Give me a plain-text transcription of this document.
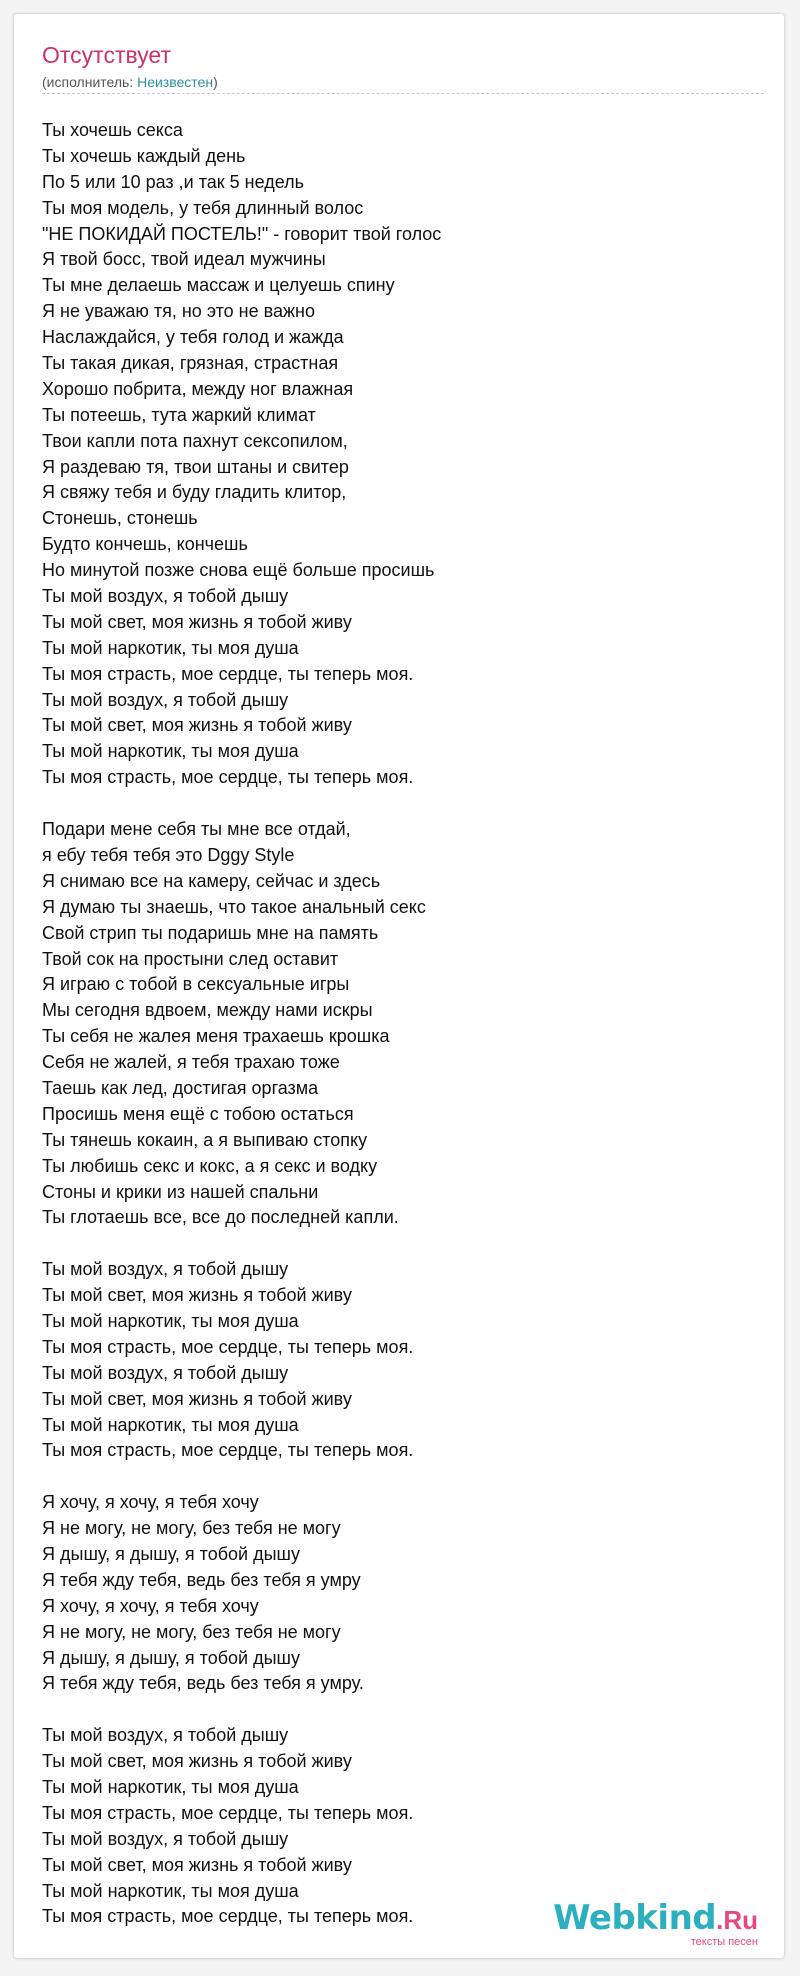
Отсутствует
(исполнитель: Неизвестен)
Ты хочешь секса
Ты хочешь каждый день
По 5 или 10 раз ,и так 5 недель
Ты моя модель, у тебя длинный волос
"НЕ ПОКИДАЙ ПОСТЕЛЬ!" - говорит твой голос
Я твой босс, твой идеал мужчины
Ты мне делаешь массаж и целуешь спину
Я не уважаю тя, но это не важно
Наслаждайся, у тебя голод и жажда
Ты такая дикая, грязная, страстная
Хорошо побрита, между ног влажная
Ты потеешь, тута жаркий климат
Твои капли пота пахнут сексопилом,
Я раздеваю тя, твои штаны и свитер
Я свяжу тебя и буду гладить клитор,
Стонешь, стонешь
Будто кончешь, кончешь
Но минутой позже снова ещё больше просишь
Ты мой воздух, я тобой дышу
Ты мой свет, моя жизнь я тобой живу
Ты мой наркотик, ты моя душа
Ты моя страсть, мое сердце, ты теперь моя.
Ты мой воздух, я тобой дышу
Ты мой свет, моя жизнь я тобой живу
Ты мой наркотик, ты моя душа
Ты моя страсть, мое сердце, ты теперь моя.
Подари мене себя ты мне все отдай,
я ебу тебя тебя это Dggy Style
Я снимаю все на камеру, сейчас и здесь
Я думаю ты знаешь, что такое анальный секс
Свой стрип ты подаришь мне на память
Твой сок на простыни след оставит
Я играю с тобой в сексуальные игры
Мы сегодня вдвоем, между нами искры
Ты себя не жалея меня трахаешь крошка
Себя не жалей, я тебя трахаю тоже
Таешь как лед, достигая оргазма
Просишь меня ещё с тобою остаться
Ты тянешь кокаин, а я выпиваю стопку
Ты любишь секс и кокс, а я секс и водку
Стоны и крики из нашей спальни
Ты глотаешь все, все до последней капли.
Ты мой воздух, я тобой дышу
Ты мой свет, моя жизнь я тобой живу
Ты мой наркотик, ты моя душа
Ты моя страсть, мое сердце, ты теперь моя.
Ты мой воздух, я тобой дышу
Ты мой свет, моя жизнь я тобой живу
Ты мой наркотик, ты моя душа
Ты моя страсть, мое сердце, ты теперь моя.
Я хочу, я хочу, я тебя хочу
Я не могу, не могу, без тебя не могу
Я дышу, я дышу, я тобой дышу
Я тебя жду тебя, ведь без тебя я умру
Я хочу, я хочу, я тебя хочу
Я не могу, не могу, без тебя не могу
Я дышу, я дышу, я тобой дышу
Я тебя жду тебя, ведь без тебя я умру.
Ты мой воздух, я тобой дышу
Ты мой свет, моя жизнь я тобой живу
Ты мой наркотик, ты моя душа
Ты моя страсть, мое сердце, ты теперь моя.
Ты мой воздух, я тобой дышу
Ты мой свет, моя жизнь я тобой живу
Ты мой наркотик, ты моя душа
Ты моя страсть, мое сердце, ты теперь моя.	Webkind.Ru
тексты песен
